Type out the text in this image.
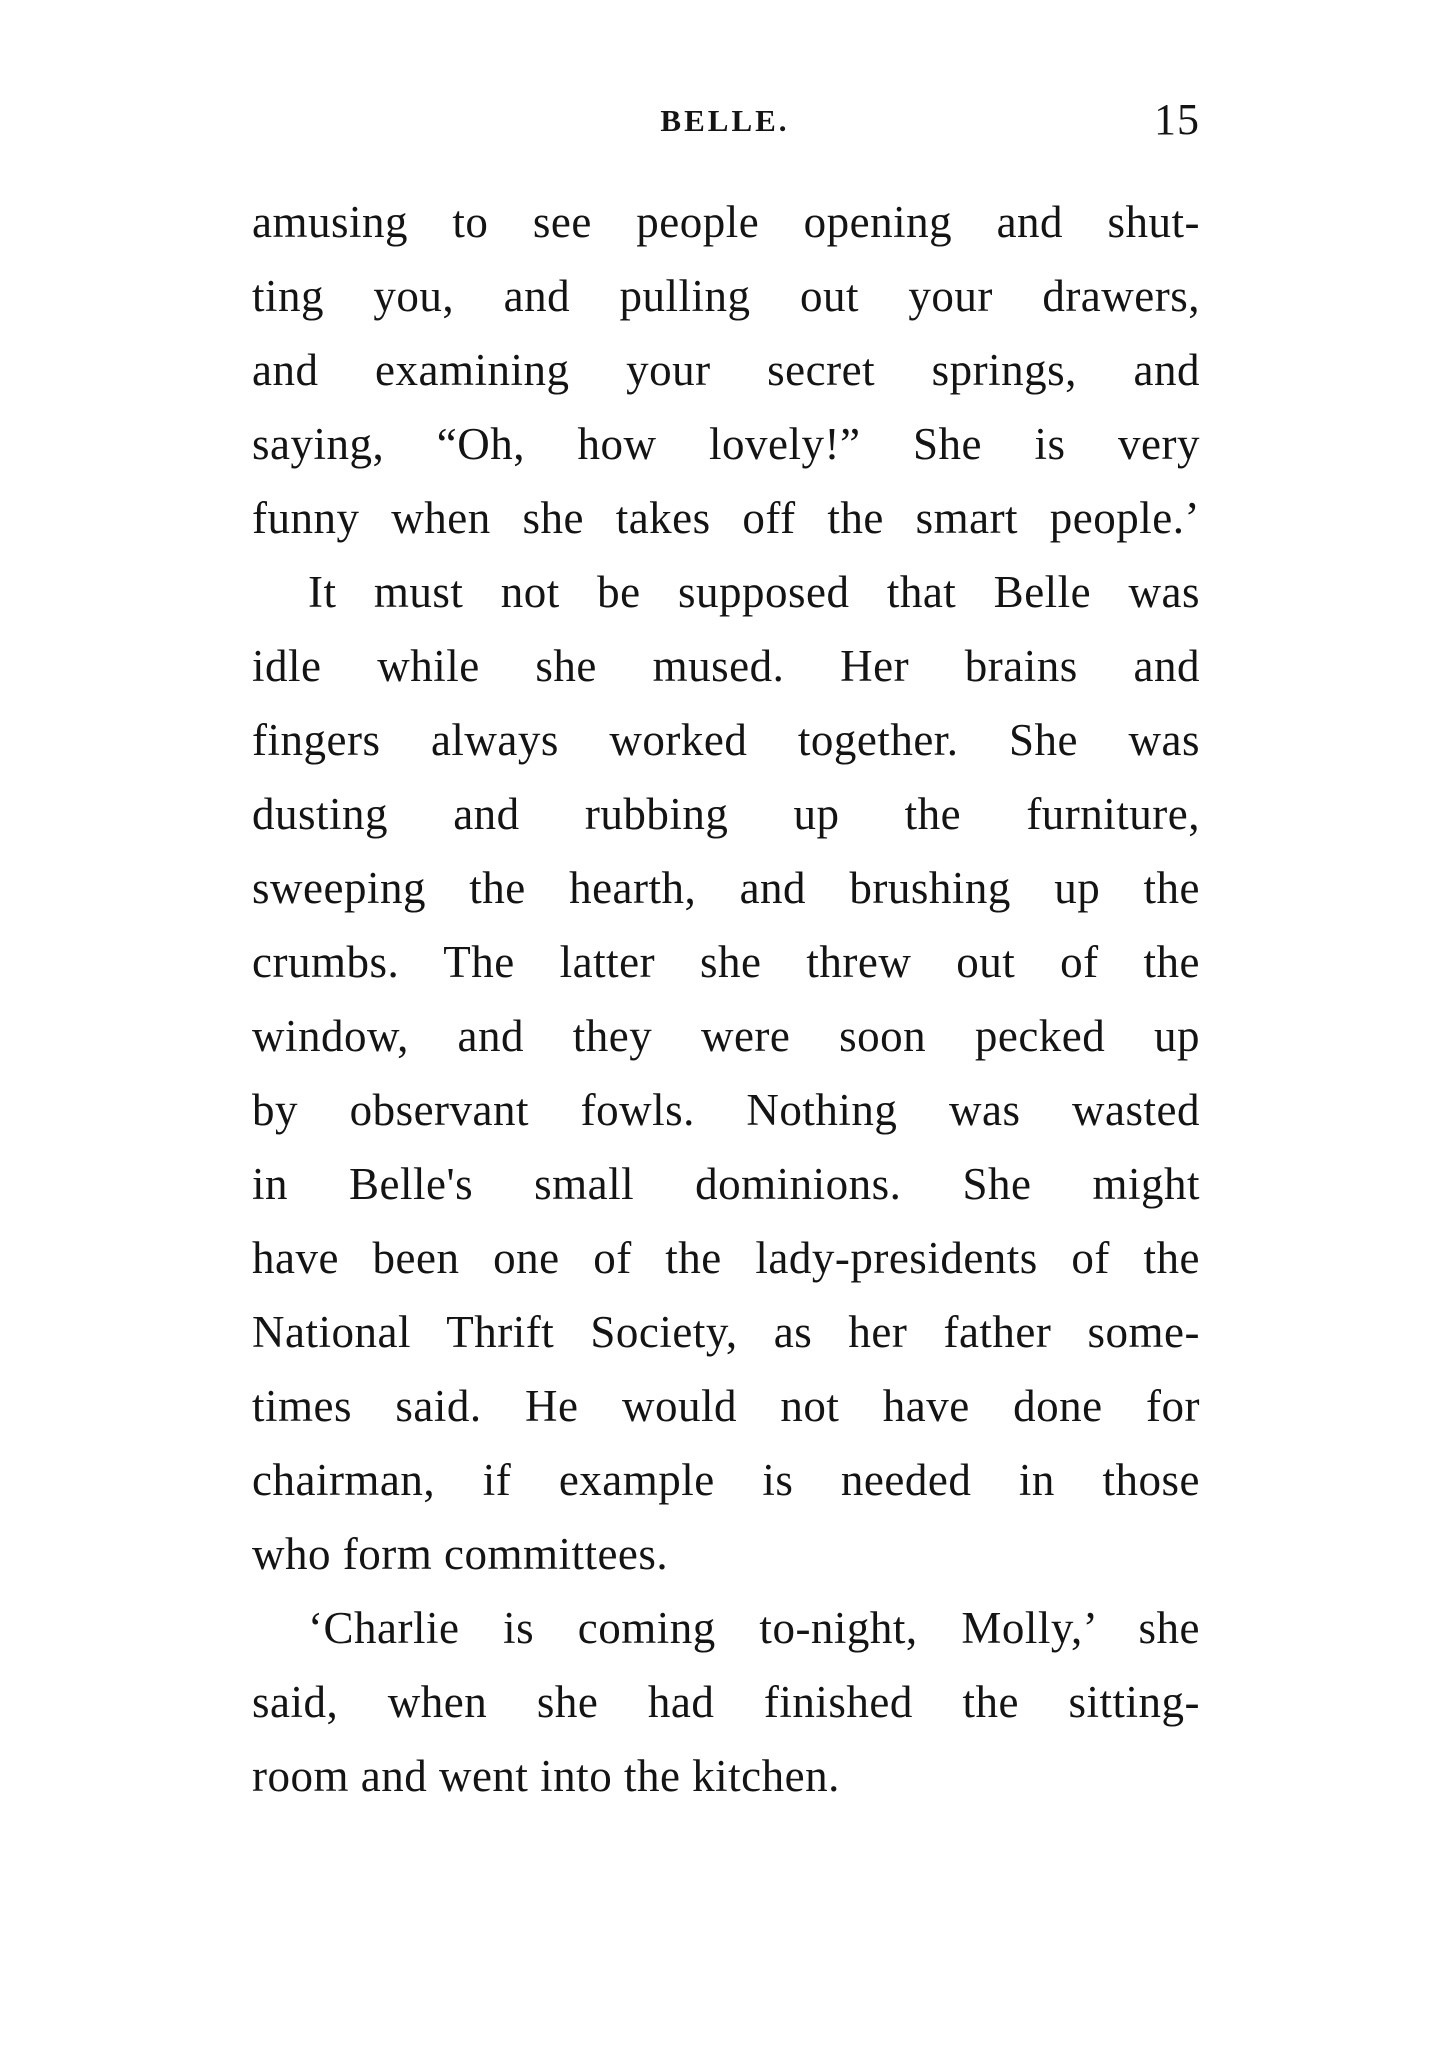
BELLE.	15
amusing to see people opening and shut-
ting you, and pulling out your drawers,
and examining your secret springs, and
saying, “Oh, how lovely!” She is very
funny when she takes off the smart people.’
It must not be supposed that Belle was
idle while she mused. Her brains and
fingers always worked together. She was
dusting and rubbing up the furniture,
sweeping the hearth, and brushing up the
crumbs. The latter she threw out of the
window, and they were soon pecked up
by observant fowls. Nothing was wasted
in Belle's small dominions. She might
have been one of the lady-presidents of the
National Thrift Society, as her father some-
times said. He would not have done for
chairman, if example is needed in those
who form committees.
‘Charlie is coming to-night, Molly,’ she
said, when she had finished the sitting-
room and went into the kitchen.
